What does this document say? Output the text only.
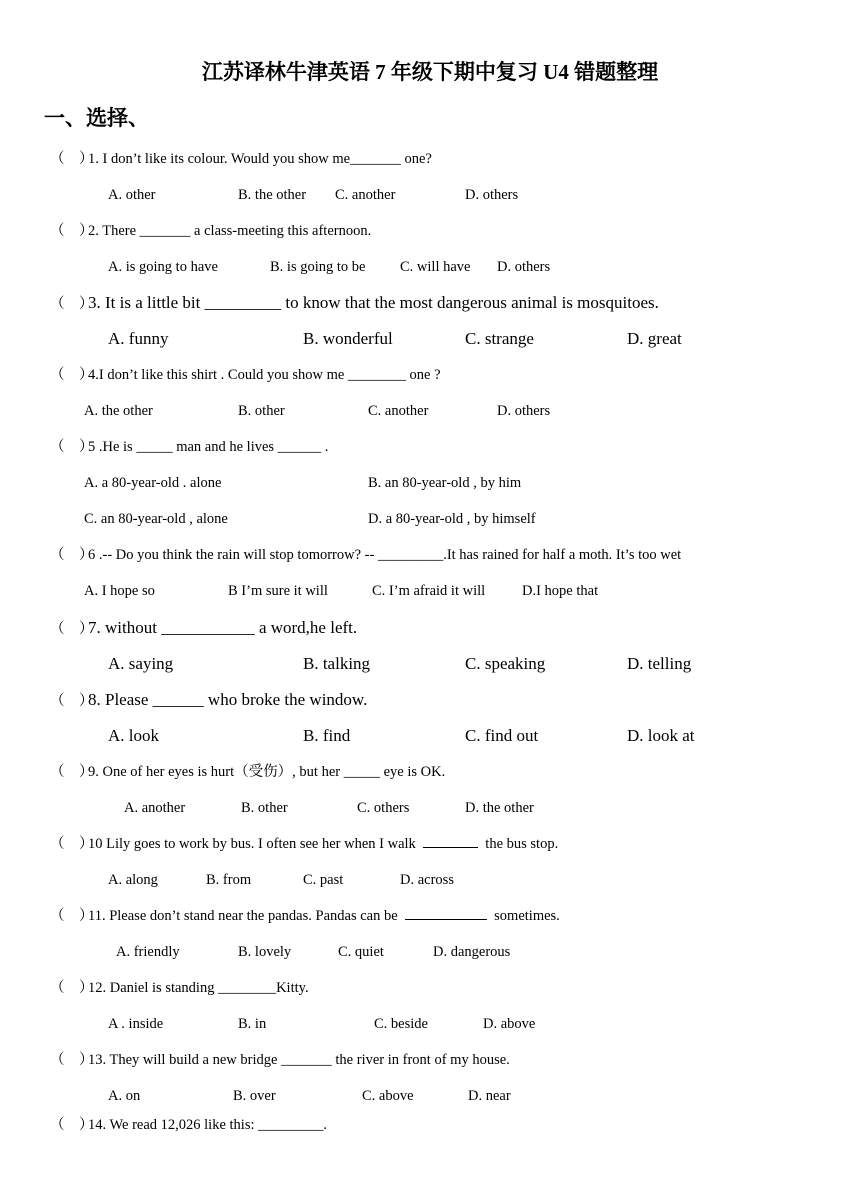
江苏译林牛津英语 7 年级下期中复习 U4 错题整理
一、选择、
（    ）1. I don’t like its colour. Would you show me_______ one?
A. other	B. the other C. another	D. others
（    ）2. There _______ a class-meeting this afternoon.
A. is going to have	B. is going to be C. will have D. others
（    ）3. It is a little bit _________ to know that the most dangerous animal is mosquitoes.
A. funny	B. wonderful	C. strange	D. great
（    ）4.I don’t like this shirt . Could you show me ________ one ?
A. the other	B. other	C. another	D. others
（    ）5 .He is _____ man and he lives ______ .
A. a 80-year-old . alone	B. an 80-year-old , by him
C. an 80-year-old , alone	D. a 80-year-old , by himself
（    ）6 .-- Do you think the rain will stop tomorrow? -- _________.It has rained for half a moth. It’s too wet
A. I hope so	B I’m sure it will	C. I’m afraid it will	D.I hope that
（    ）7. without ___________ a word,he left.
A. saying	B. talking	C. speaking	D. telling
（    ）8. Please ______ who broke the window.
A. look	B. find	C. find out	D. look at
（    ）9. One of her eyes is hurt（受伤）, but her _____ eye is OK.
A. another	B. other	C. others	D. the other
（    ）10 Lily goes to work by bus. I often see her when I walk	the bus stop.
A. along	B. from	C. past	D. across
（    ）11. Please don’t stand near the pandas. Pandas can be	sometimes.
A. friendly	B. lovely	C. quiet	D. dangerous
（    ）12. Daniel is standing ________Kitty.
A . inside	B. in	C. beside	D. above
（    ）13. They will build a new bridge _______ the river in front of my house.
A. on	B. over	C. above	D. near
（    ）14. We read 12,026 like this: _________.
